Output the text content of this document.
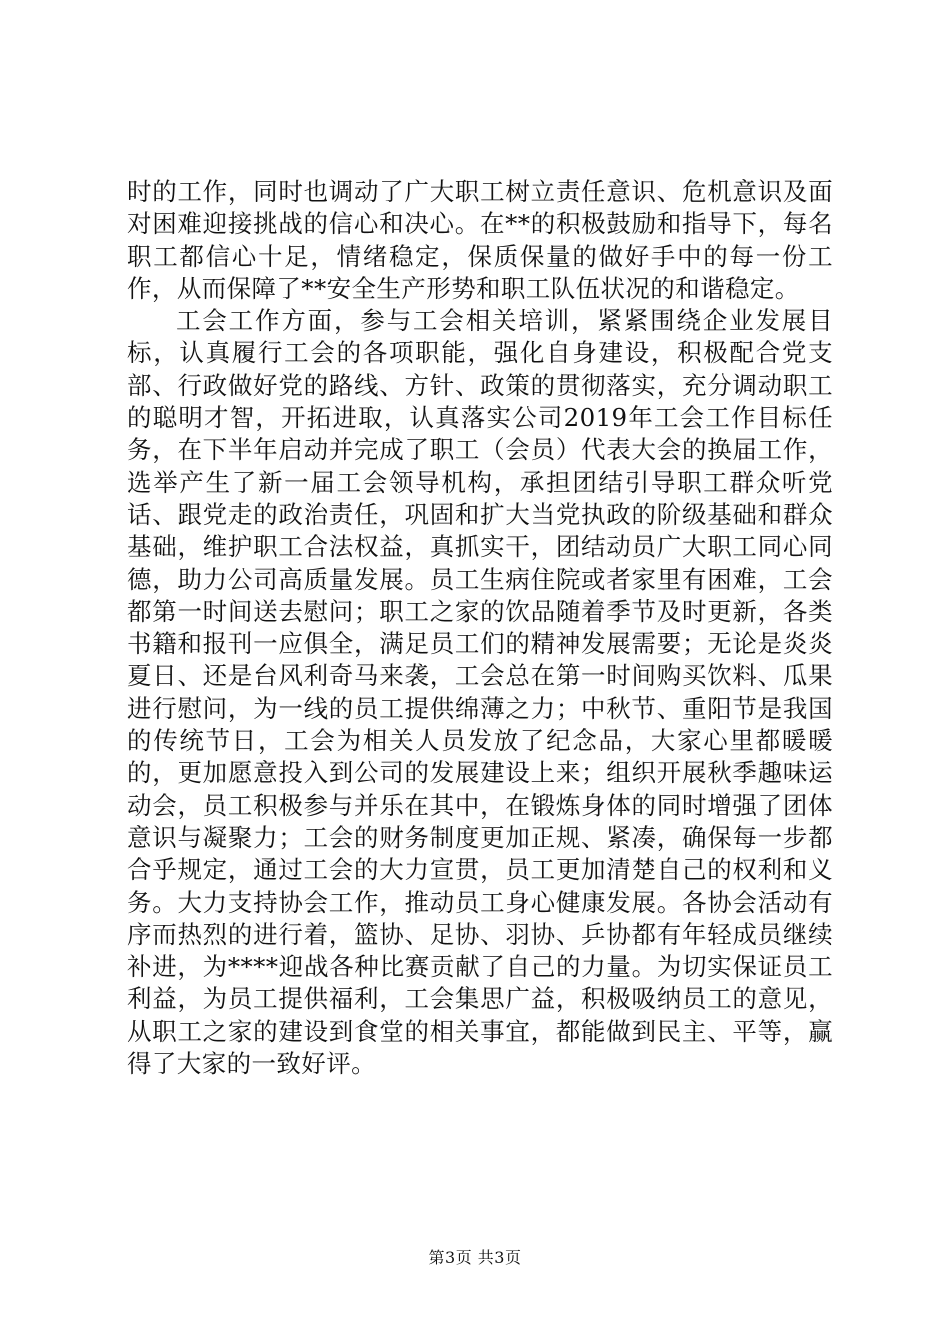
时的工作，同时也调动了广大职工树立责任意识、危机意识及面对困难迎接挑战的信心和决心。在**的积极鼓励和指导下，每名职工都信心十足，情绪稳定，保质保量的做好手中的每一份工作，从而保障了**安全生产形势和职工队伍状况的和谐稳定。

工会工作方面，参与工会相关培训，紧紧围绕企业发展目标，认真履行工会的各项职能，强化自身建设，积极配合党支部、行政做好党的路线、方针、政策的贯彻落实，充分调动职工的聪明才智，开拓进取，认真落实公司2019年工会工作目标任务，在下半年启动并完成了职工（会员）代表大会的换届工作，选举产生了新一届工会领导机构，承担团结引导职工群众听党话、跟党走的政治责任，巩固和扩大当党执政的阶级基础和群众基础，维护职工合法权益，真抓实干，团结动员广大职工同心同德，助力公司高质量发展。员工生病住院或者家里有困难，工会都第一时间送去慰问；职工之家的饮品随着季节及时更新，各类书籍和报刊一应俱全，满足员工们的精神发展需要；无论是炎炎夏日、还是台风利奇马来袭，工会总在第一时间购买饮料、瓜果进行慰问，为一线的员工提供绵薄之力；中秋节、重阳节是我国的传统节日，工会为相关人员发放了纪念品，大家心里都暖暖的，更加愿意投入到公司的发展建设上来；组织开展秋季趣味运动会，员工积极参与并乐在其中，在锻炼身体的同时增强了团体意识与凝聚力；工会的财务制度更加正规、紧凑，确保每一步都合乎规定，通过工会的大力宣贯，员工更加清楚自己的权利和义务。大力支持协会工作，推动员工身心健康发展。各协会活动有序而热烈的进行着，篮协、足协、羽协、乒协都有年轻成员继续补进，为****迎战各种比赛贡献了自己的力量。为切实保证员工利益，为员工提供福利，工会集思广益，积极吸纳员工的意见，从职工之家的建设到食堂的相关事宜，都能做到民主、平等，赢得了大家的一致好评。

第3页 共3页
